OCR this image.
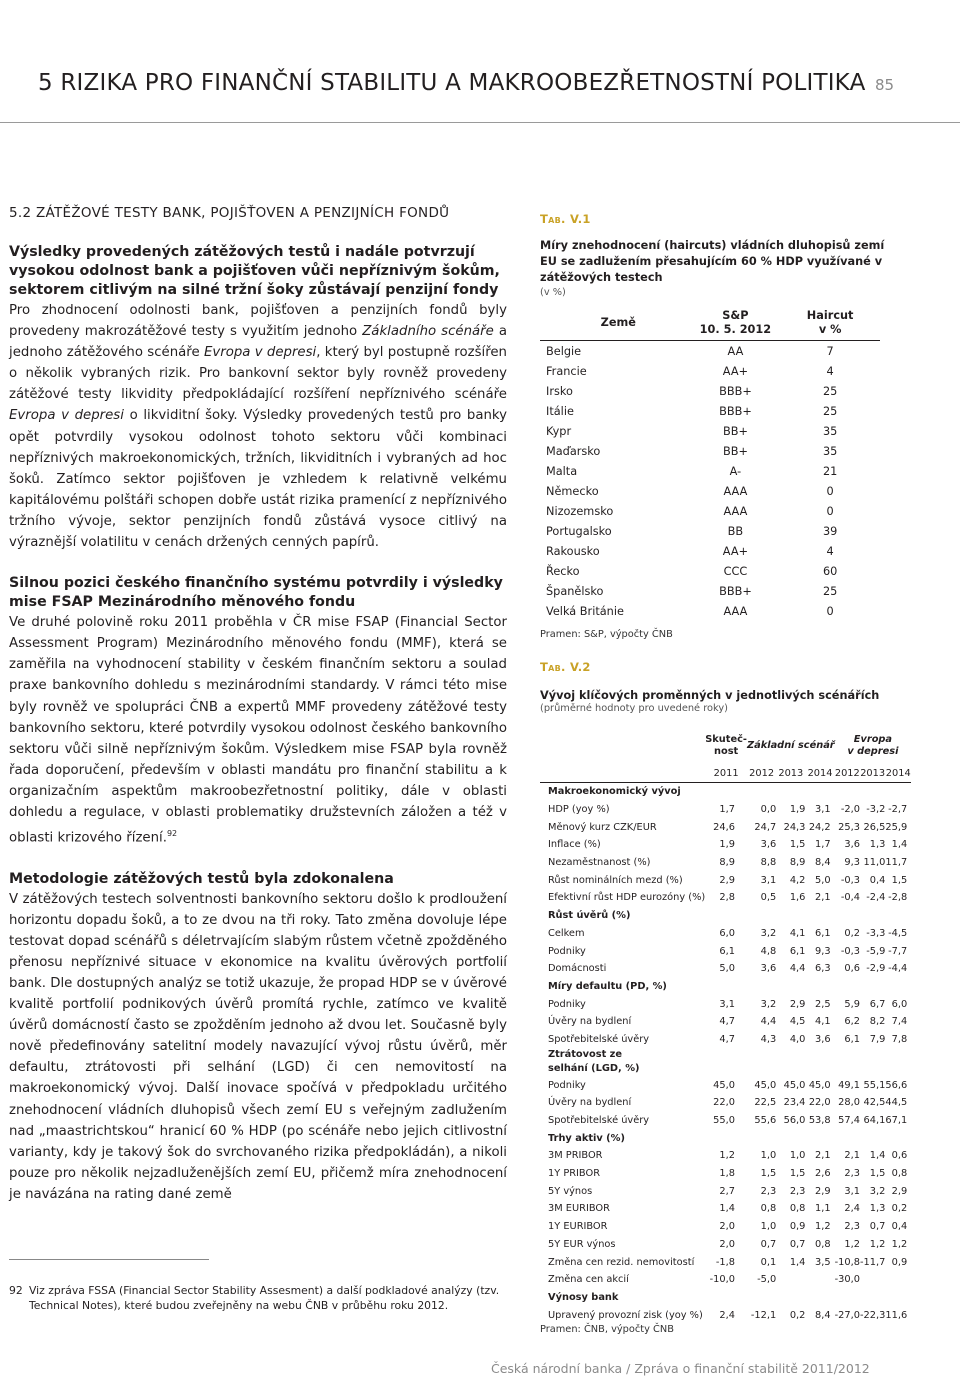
5 RIZIKA PRO FINANČNÍ STABILITU A MAKROOBEZŘETNOSTNÍ POLITIKA 85
5.2 ZÁTĚŽOVÉ TESTY BANK, POJIŠŤOVEN A PENZIJNÍCH FONDŮ

Výsledky provedených zátěžových testů i nadále potvrzují vysokou odolnost bank a pojišťoven vůči nepříznivým šokům, sektorem citlivým na silné tržní šoky zůstávají penzijní fondy

Pro zhodnocení odolnosti bank, pojišťoven a penzijních fondů byly provedeny makrozátěžové testy s využitím jednoho Základního scénáře a jednoho zátěžového scénáře Evropa v depresi, který byl postupně rozšířen o několik vybraných rizik. Pro bankovní sektor byly rovněž provedeny zátěžové testy likvidity předpokládající rozšíření nepříznivého scénáře Evropa v depresi o likviditní šoky. Výsledky provedených testů pro banky opět potvrdily vysokou odolnost tohoto sektoru vůči kombinaci nepříznivých makroekonomických, tržních, likviditních i vybraných ad hoc šoků. Zatímco sektor pojišťoven je vzhledem k relativně velkému kapitálovému polštáři schopen dobře ustát rizika pramenící z nepříznivého tržního vývoje, sektor penzijních fondů zůstává vysoce citlivý na výraznější volatilitu v cenách držených cenných papírů.

Silnou pozici českého finančního systému potvrdily i výsledky mise FSAP Mezinárodního měnového fondu

Ve druhé polovině roku 2011 proběhla v ČR mise FSAP (Financial Sector Assessment Program) Mezinárodního měnového fondu (MMF), která se zaměřila na vyhodnocení stability v českém finančním sektoru a soulad praxe bankovního dohledu s mezinárodními standardy. V rámci této mise byly rovněž ve spolupráci ČNB a expertů MMF provedeny zátěžové testy bankovního sektoru, které potvrdily vysokou odolnost českého bankovního sektoru vůči silně nepříznivým šokům. Výsledkem mise FSAP byla rovněž řada doporučení, především v oblasti mandátu pro finanční stabilitu a k organizačním aspektům makroobezřetnostní politiky, dále v oblasti dohledu a regulace, v oblasti problematiky družstevních záložen a též v oblasti krizového řízení.$^{92}$

Metodologie zátěžových testů byla zdokonalena

V zátěžových testech solventnosti bankovního sektoru došlo k prodloužení horizontu dopadu šoků, a to ze dvou na tři roky. Tato změna dovoluje lépe testovat dopad scénářů s déletrvajícím slabým růstem včetně zpožděného přenosu nepříznivé situace v ekonomice na kvalitu úvěrových portfolií bank. Dle dostupných analýz se totiž ukazuje, že propad HDP se v úvěrové kvalitě portfolií podnikových úvěrů promítá rychle, zatímco ve kvalitě úvěrů domácností často se zpožděním jednoho až dvou let. Současně byly nově předefinovány satelitní modely navazující vývoj růstu úvěrů, měr defaultu, ztrátovosti při selhání (LGD) či cen nemovitostí na makroekonomický vývoj. Další inovace spočívá v předpokladu určitého znehodnocení vládních dluhopisů všech zemí EU s veřejným zadlužením nad „maastrichtskou“ hranicí 60 % HDP (po scénáře nebo jejich citlivostní varianty, kdy je takový šok do svrchovaného rizika předpokládán), a nikoli pouze pro několik nejzadluženějších zemí EU, přičemž míra znehodnocení je navázána na rating dané země

92 Viz zpráva FSSA (Financial Sector Stability Assesment) a další podkladové analýzy (tzv. Technical Notes), které budou zveřejněny na webu ČNB v průběhu roku 2012.
Tab. V.1
Míry znehodnocení (haircuts) vládních dluhopisů zemí EU se zadlužením přesahujícím 60 % HDP využívané v zátěžových testech
(v %)
Země	S&P
10. 5. 2012	Haircut
v %
Belgie	AA	7
Francie	AA+	4
Irsko	BBB+	25
Itálie	BBB+	25
Kypr	BB+	35
Maďarsko	BB+	35
Malta	A-	21
Německo	AAA	0
Nizozemsko	AAA	0
Portugalsko	BB	39
Rakousko	AA+	4
Řecko	CCC	60
Španělsko	BBB+	25
Velká Británie	AAA	0
Pramen: S&P, výpočty ČNB
Tab. V.2
Vývoj klíčových proměnných v jednotlivých scénářích
(průměrné hodnoty pro uvedené roky)
	Skuteč-
nost	Základní scénář			Evropa
v depresi		
	2011	2012	2013	2014	2012	2013	2014
Makroekonomický vývoj							
HDP (yoy %)	1,7	0,0	1,9	3,1	-2,0	-3,2	-2,7
Měnový kurz CZK/EUR	24,6	24,7	24,3	24,2	25,3	26,5	25,9
Inflace (%)	1,9	3,6	1,5	1,7	3,6	1,3	1,4
Nezaměstnanost (%)	8,9	8,8	8,9	8,4	9,3	11,0	11,7
Růst nominálních mezd (%)	2,9	3,1	4,2	5,0	-0,3	0,4	1,5
Efektivní růst HDP eurozóny (%)	2,8	0,5	1,6	2,1	-0,4	-2,4	-2,8
Růst úvěrů (%)							
Celkem	6,0	3,2	4,1	6,1	0,2	-3,3	-4,5
Podniky	6,1	4,8	6,1	9,3	-0,3	-5,9	-7,7
Domácnosti	5,0	3,6	4,4	6,3	0,6	-2,9	-4,4
Míry defaultu (PD, %)							
Podniky	3,1	3,2	2,9	2,5	5,9	6,7	6,0
Úvěry na bydlení	4,7	4,4	4,5	4,1	6,2	8,2	7,4
Spotřebitelské úvěry	4,7	4,3	4,0	3,6	6,1	7,9	7,8
Ztrátovost ze selhání (LGD, %)							
Podniky	45,0	45,0	45,0	45,0	49,1	55,1	56,6
Úvěry na bydlení	22,0	22,5	23,4	22,0	28,0	42,5	44,5
Spotřebitelské úvěry	55,0	55,6	56,0	53,8	57,4	64,1	67,1
Trhy aktiv (%)							
3M PRIBOR	1,2	1,0	1,0	2,1	2,1	1,4	0,6
1Y PRIBOR	1,8	1,5	1,5	2,6	2,3	1,5	0,8
5Y výnos	2,7	2,3	2,3	2,9	3,1	3,2	2,9
3M EURIBOR	1,4	0,8	0,8	1,1	2,4	1,3	0,2
1Y EURIBOR	2,0	1,0	0,9	1,2	2,3	0,7	0,4
5Y EUR výnos	2,0	0,7	0,7	0,8	1,2	1,2	1,2
Změna cen rezid. nemovitostí	-1,8	0,1	1,4	3,5	-10,8	-11,7	0,9
Změna cen akcií	-10,0	-5,0			-30,0		
Výnosy bank							
Upravený provozní zisk (yoy %)	2,4	-12,1	0,2	8,4	-27,0	-22,3	11,6
Pramen: ČNB, výpočty ČNB
Česká národní banka / Zpráva o finanční stabilitě 2011/2012
